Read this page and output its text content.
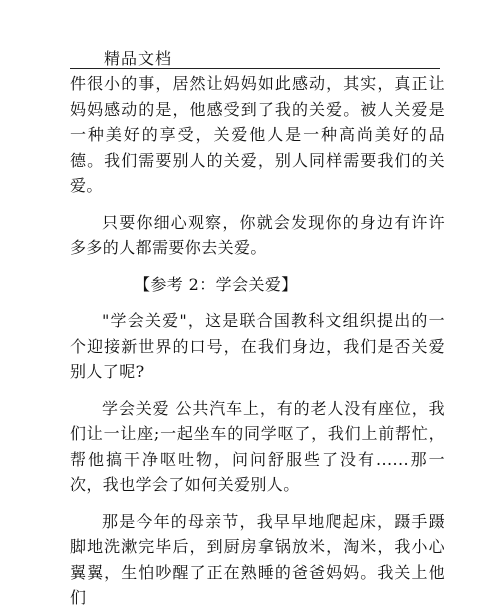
精品文档

件很小的事，居然让妈妈如此感动，其实，真正让妈妈感动的是，他感受到了我的关爱。被人关爱是一种美好的享受，关爱他人是一种高尚美好的品德。我们需要别人的关爱，别人同样需要我们的关爱。

只要你细心观察，你就会发现你的身边有许许多多的人都需要你去关爱。

【参考 2：学会关爱】

"学会关爱"，这是联合国教科文组织提出的一个迎接新世界的口号，在我们身边，我们是否关爱别人了呢?

学会关爱 公共汽车上，有的老人没有座位，我们让一让座;一起坐车的同学呕了，我们上前帮忙，帮他搞干净呕吐物，问问舒服些了没有......那一次，我也学会了如何关爱别人。

那是今年的母亲节，我早早地爬起床，蹑手蹑脚地洗漱完毕后，到厨房拿锅放米，淘米，我小心翼翼，生怕吵醒了正在熟睡的爸爸妈妈。我关上他们
